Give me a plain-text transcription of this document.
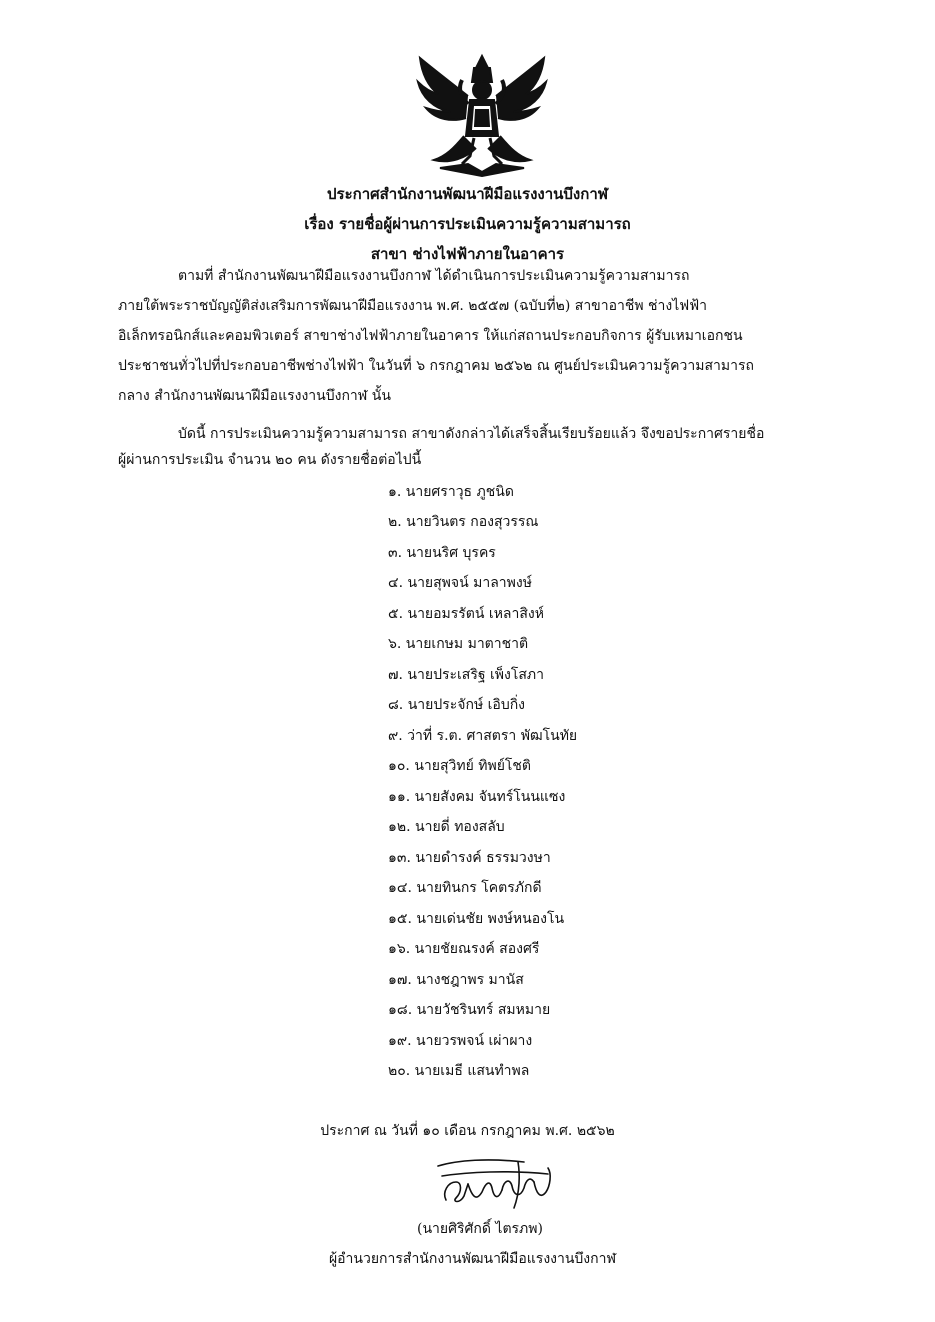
ประกาศสำนักงานพัฒนาฝีมือแรงงานบึงกาฬ
เรื่อง รายชื่อผู้ผ่านการประเมินความรู้ความสามารถ
สาขา ช่างไฟฟ้าภายในอาคาร
ตามที่ สำนักงานพัฒนาฝีมือแรงงานบึงกาฬ ได้ดำเนินการประเมินความรู้ความสามารถ
ภายใต้พระราชบัญญัติส่งเสริมการพัฒนาฝีมือแรงงาน พ.ศ. ๒๕๕๗ (ฉบับที่๒) สาขาอาชีพ ช่างไฟฟ้า
อิเล็กทรอนิกส์และคอมพิวเตอร์ สาขาช่างไฟฟ้าภายในอาคาร ให้แก่สถานประกอบกิจการ ผู้รับเหมาเอกชน
ประชาชนทั่วไปที่ประกอบอาชีพช่างไฟฟ้า ในวันที่ ๖ กรกฎาคม ๒๕๖๒ ณ ศูนย์ประเมินความรู้ความสามารถ
กลาง สำนักงานพัฒนาฝีมือแรงงานบึงกาฬ นั้น
บัดนี้ การประเมินความรู้ความสามารถ สาขาดังกล่าวได้เสร็จสิ้นเรียบร้อยแล้ว จึงขอประกาศรายชื่อ
ผู้ผ่านการประเมิน จำนวน ๒๐ คน ดังรายชื่อต่อไปนี้
๑. นายศราวุธ ภูชนิด
๒. นายวินตร กองสุวรรณ
๓. นายนริศ บุรคร
๔. นายสุพจน์ มาลาพงษ์
๕. นายอมรรัตน์ เหลาสิงห์
๖. นายเกษม มาตาชาติ
๗. นายประเสริฐ เพ็งโสภา
๘. นายประจักษ์ เอิบกิ่ง
๙. ว่าที่ ร.ต. ศาสตรา พัฒโนทัย
๑๐. นายสุวิทย์ ทิพย์โชติ
๑๑. นายสังคม จันทร์โนนแซง
๑๒. นายดี่ ทองสลับ
๑๓. นายดำรงค์ ธรรมวงษา
๑๔. นายทินกร โคตรภักดี
๑๕. นายเด่นชัย พงษ์หนองโน
๑๖. นายชัยณรงค์ สองศรี
๑๗. นางชฎาพร มานัส
๑๘. นายวัชรินทร์ สมหมาย
๑๙. นายวรพจน์ เผ่าผาง
๒๐. นายเมธี แสนทำพล
ประกาศ ณ วันที่ ๑๐ เดือน กรกฎาคม พ.ศ. ๒๕๖๒
(นายศิริศักดิ์ ไตรภพ)
ผู้อำนวยการสำนักงานพัฒนาฝีมือแรงงานบึงกาฬ
